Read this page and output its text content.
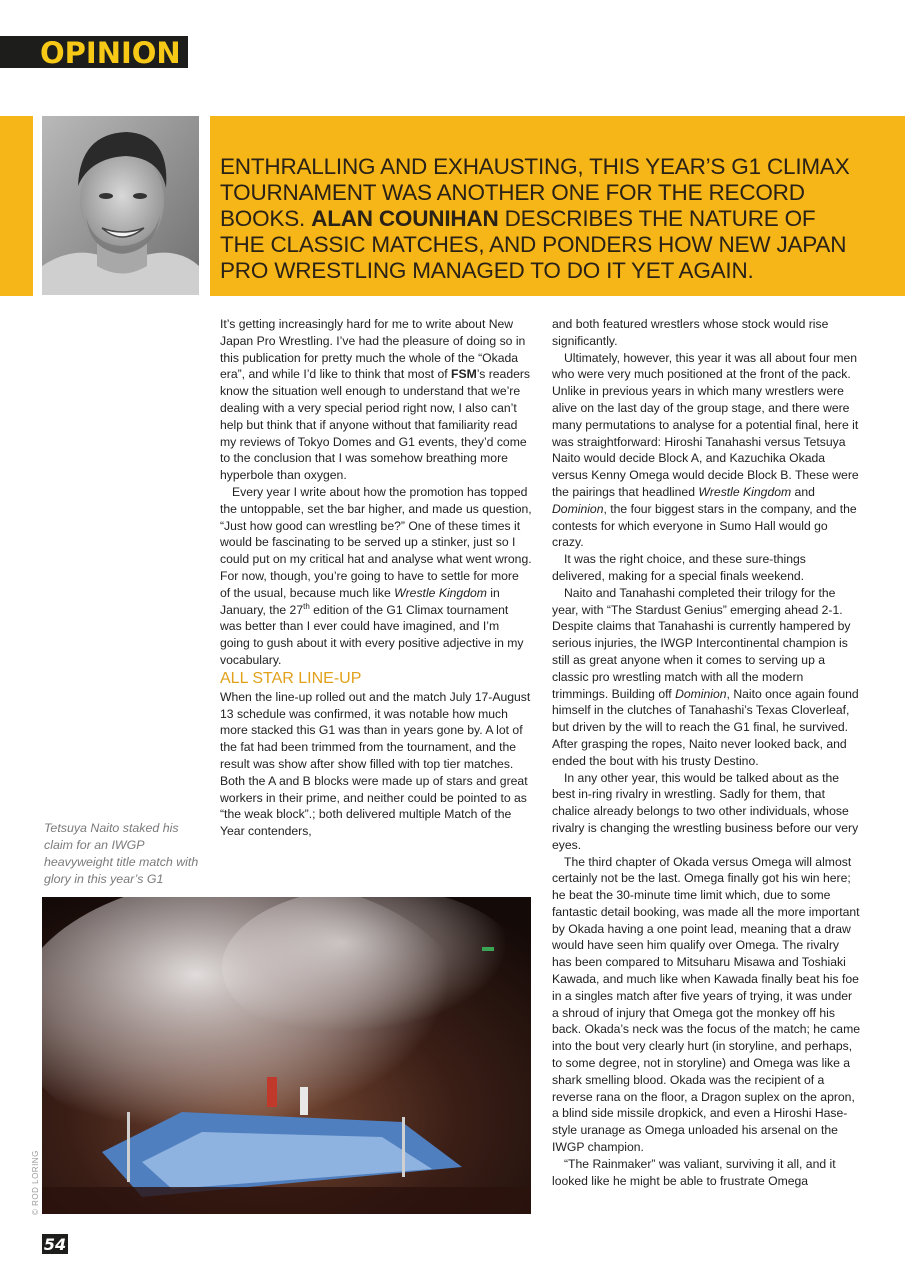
OPINION
ENTHRALLING AND EXHAUSTING, THIS YEAR’S G1 CLIMAX TOURNAMENT WAS ANOTHER ONE FOR THE RECORD BOOKS. ALAN COUNIHAN DESCRIBES THE NATURE OF THE CLASSIC MATCHES, AND PONDERS HOW NEW JAPAN PRO WRESTLING MANAGED TO DO IT YET AGAIN.

It’s getting increasingly hard for me to write about New Japan Pro Wrestling. I’ve had the pleasure of doing so in this publication for pretty much the whole of the “Okada era”, and while I’d like to think that most of FSM’s readers know the situation well enough to understand that we’re dealing with a very special period right now, I also can’t help but think that if anyone without that familiarity read my reviews of Tokyo Domes and G1 events, they’d come to the conclusion that I was somehow breathing more hyperbole than oxygen.

Every year I write about how the promotion has topped the untoppable, set the bar higher, and made us question, “Just how good can wrestling be?” One of these times it would be fascinating to be served up a stinker, just so I could put on my critical hat and analyse what went wrong. For now, though, you’re going to have to settle for more of the usual, because much like Wrestle Kingdom in January, the 27th edition of the G1 Climax tournament was better than I ever could have imagined, and I’m going to gush about it with every positive adjective in my vocabulary.

ALL STAR LINE-UP

When the line-up rolled out and the match July 17-August 13 schedule was confirmed, it was notable how much more stacked this G1 was than in years gone by. A lot of the fat had been trimmed from the tournament, and the result was show after show filled with top tier matches. Both the A and B blocks were made up of stars and great workers in their prime, and neither could be pointed to as “the weak block”.; both delivered multiple Match of the Year contenders,

and both featured wrestlers whose stock would rise significantly.

Ultimately, however, this year it was all about four men who were very much positioned at the front of the pack. Unlike in previous years in which many wrestlers were alive on the last day of the group stage, and there were many permutations to analyse for a potential final, here it was straightforward: Hiroshi Tanahashi versus Tetsuya Naito would decide Block A, and Kazuchika Okada versus Kenny Omega would decide Block B. These were the pairings that headlined Wrestle Kingdom and Dominion, the four biggest stars in the company, and the contests for which everyone in Sumo Hall would go crazy.

It was the right choice, and these sure-things delivered, making for a special finals weekend.

Naito and Tanahashi completed their trilogy for the year, with “The Stardust Genius” emerging ahead 2-1. Despite claims that Tanahashi is currently hampered by serious injuries, the IWGP Intercontinental champion is still as great anyone when it comes to serving up a classic pro wrestling match with all the modern trimmings. Building off Dominion, Naito once again found himself in the clutches of Tanahashi’s Texas Cloverleaf, but driven by the will to reach the G1 final, he survived. After grasping the ropes, Naito never looked back, and ended the bout with his trusty Destino.

In any other year, this would be talked about as the best in-ring rivalry in wrestling. Sadly for them, that chalice already belongs to two other individuals, whose rivalry is changing the wrestling business before our very eyes.

The third chapter of Okada versus Omega will almost certainly not be the last. Omega finally got his win here; he beat the 30-minute time limit which, due to some fantastic detail booking, was made all the more important by Okada having a one point lead, meaning that a draw would have seen him qualify over Omega. The rivalry has been compared to Mitsuharu Misawa and Toshiaki Kawada, and much like when Kawada finally beat his foe in a singles match after five years of trying, it was under a shroud of injury that Omega got the monkey off his back. Okada’s neck was the focus of the match; he came into the bout very clearly hurt (in storyline, and perhaps, to some degree, not in storyline) and Omega was like a shark smelling blood. Okada was the recipient of a reverse rana on the floor, a Dragon suplex on the apron, a blind side missile dropkick, and even a Hiroshi Hase-style uranage as Omega unloaded his arsenal on the IWGP champion.

“The Rainmaker” was valiant, surviving it all, and it looked like he might be able to frustrate Omega

Tetsuya Naito staked his claim for an IWGP heavyweight title match with glory in this year’s G1
© ROD LORING
54
